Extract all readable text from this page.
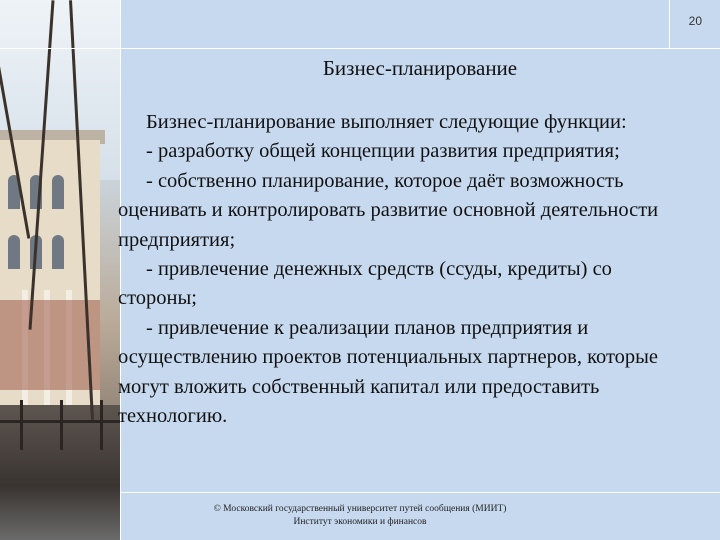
20
Бизнес-планирование

Бизнес-планирование выполняет следующие функции:

- разработку общей концепции развития предприятия;

- собственно планирование, которое даёт возможность оценивать и контролировать развитие основной деятельности предприятия;

- привлечение денежных средств (ссуды, кредиты) со стороны;

- привлечение к реализации планов предприятия и осуществлению проектов потенциальных партнеров, которые могут вложить собственный капитал или предоставить технологию.

© Московский государственный университет путей сообщения (МИИТ)
Институт экономики и финансов
